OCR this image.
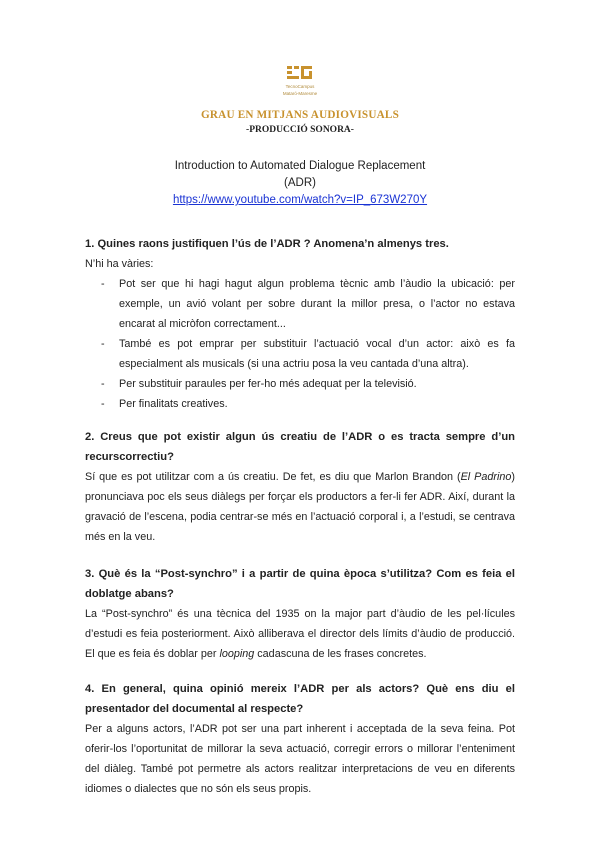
TecnoCampus
Mataró-Maresme
GRAU EN MITJANS AUDIOVISUALS
-PRODUCCIÓ SONORA-
Introduction to Automated Dialogue Replacement
(ADR)
https://www.youtube.com/watch?v=IP_673W270Y
1. Quines raons justifiquen l’ús de l’ADR ? Anomena’n almenys tres.
N’hi ha vàries:
- Pot ser que hi hagi hagut algun problema tècnic amb l’àudio la ubicació: per exemple, un avió volant per sobre durant la millor presa, o l’actor no estava encarat al micròfon correctament...
- També es pot emprar per substituir l’actuació vocal d’un actor: això es fa especialment als musicals (si una actriu posa la veu cantada d’una altra).
- Per substituir paraules per fer-ho més adequat per la televisió.
- Per finalitats creatives.
2. Creus que pot existir algun ús creatiu de l’ADR o es tracta sempre d’un recurscorrectiu?
Sí que es pot utilitzar com a ús creatiu. De fet, es diu que Marlon Brandon (El Padrino) pronunciava poc els seus diàlegs per forçar els productors a fer-li fer ADR. Així, durant la gravació de l’escena, podia centrar-se més en l’actuació corporal i, a l’estudi, se centrava més en la veu.
3. Què és la “Post-synchro” i a partir de quina època s’utilitza? Com es feia el doblatge abans?
La “Post-synchro” és una tècnica del 1935 on la major part d’àudio de les pel·lícules d’estudi es feia posteriorment. Això alliberava el director dels límits d’àudio de producció. El que es feia és doblar per looping cadascuna de les frases concretes.
4. En general, quina opinió mereix l’ADR per als actors? Què ens diu el presentador del documental al respecte?
Per a alguns actors, l’ADR pot ser una part inherent i acceptada de la seva feina. Pot oferir-los l’oportunitat de millorar la seva actuació, corregir errors o millorar l’enteniment del diàleg. També pot permetre als actors realitzar interpretacions de veu en diferents idiomes o dialectes que no són els seus propis.
